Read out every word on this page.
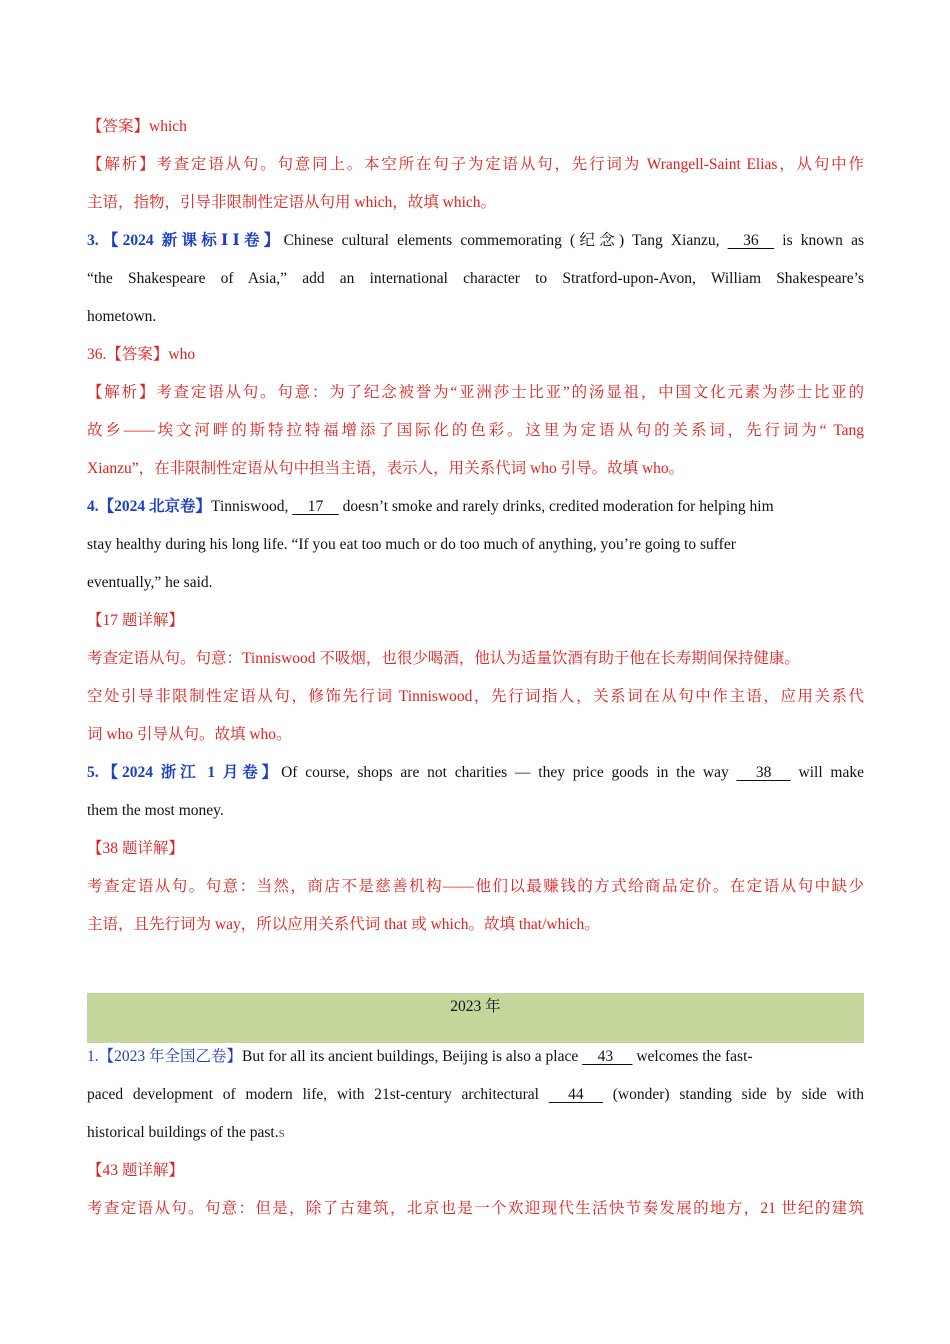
【答案】which
【解析】考查定语从句。句意同上。本空所在句子为定语从句，先行词为 Wrangell-Saint Elias，从句中作
主语，指物，引导非限制性定语从句用 which，故填 which。
3.【2024 新课标ⅠⅠ卷】Chinese cultural elements commemorating (纪念) Tang Xianzu,     36     is known as
“the Shakespeare of Asia,” add an international character to Stratford-upon-Avon, William Shakespeare’s
hometown.
36.【答案】who
【解析】考查定语从句。句意：为了纪念被誉为“亚洲莎士比亚”的汤显祖，中国文化元素为莎士比亚的
故乡——埃文河畔的斯特拉特福增添了国际化的色彩。这里为定语从句的关系词，先行词为“ Tang
Xianzu”，在非限制性定语从句中担当主语，表示人，用关系代词 who 引导。故填 who。
4.【2024 北京卷】Tinniswood,     17     doesn’t smoke and rarely drinks, credited moderation for helping him
stay healthy during his long life. “If you eat too much or do too much of anything, you’re going to suffer
eventually,” he said.
【17 题详解】
考查定语从句。句意：Tinniswood 不吸烟，也很少喝酒，他认为适量饮酒有助于他在长寿期间保持健康。
空处引导非限制性定语从句，修饰先行词 Tinniswood，先行词指人，关系词在从句中作主语，应用关系代
词 who 引导从句。故填 who。
5.【2024 浙江 1 月卷】Of course, shops are not charities — they price goods in the way      38      will make
them the most money.
【38 题详解】
考查定语从句。句意：当然，商店不是慈善机构——他们以最赚钱的方式给商品定价。在定语从句中缺少
主语，且先行词为 way，所以应用关系代词 that 或 which。故填 that/which。
2023 年
1.【2023 年全国乙卷】But for all its ancient buildings, Beijing is also a place     43      welcomes the fast-
paced development of modern life, with 21st-century architectural      44      (wonder) standing side by side with
historical buildings of the past.S
【43 题详解】
考查定语从句。句意：但是，除了古建筑，北京也是一个欢迎现代生活快节奏发展的地方，21 世纪的建筑
